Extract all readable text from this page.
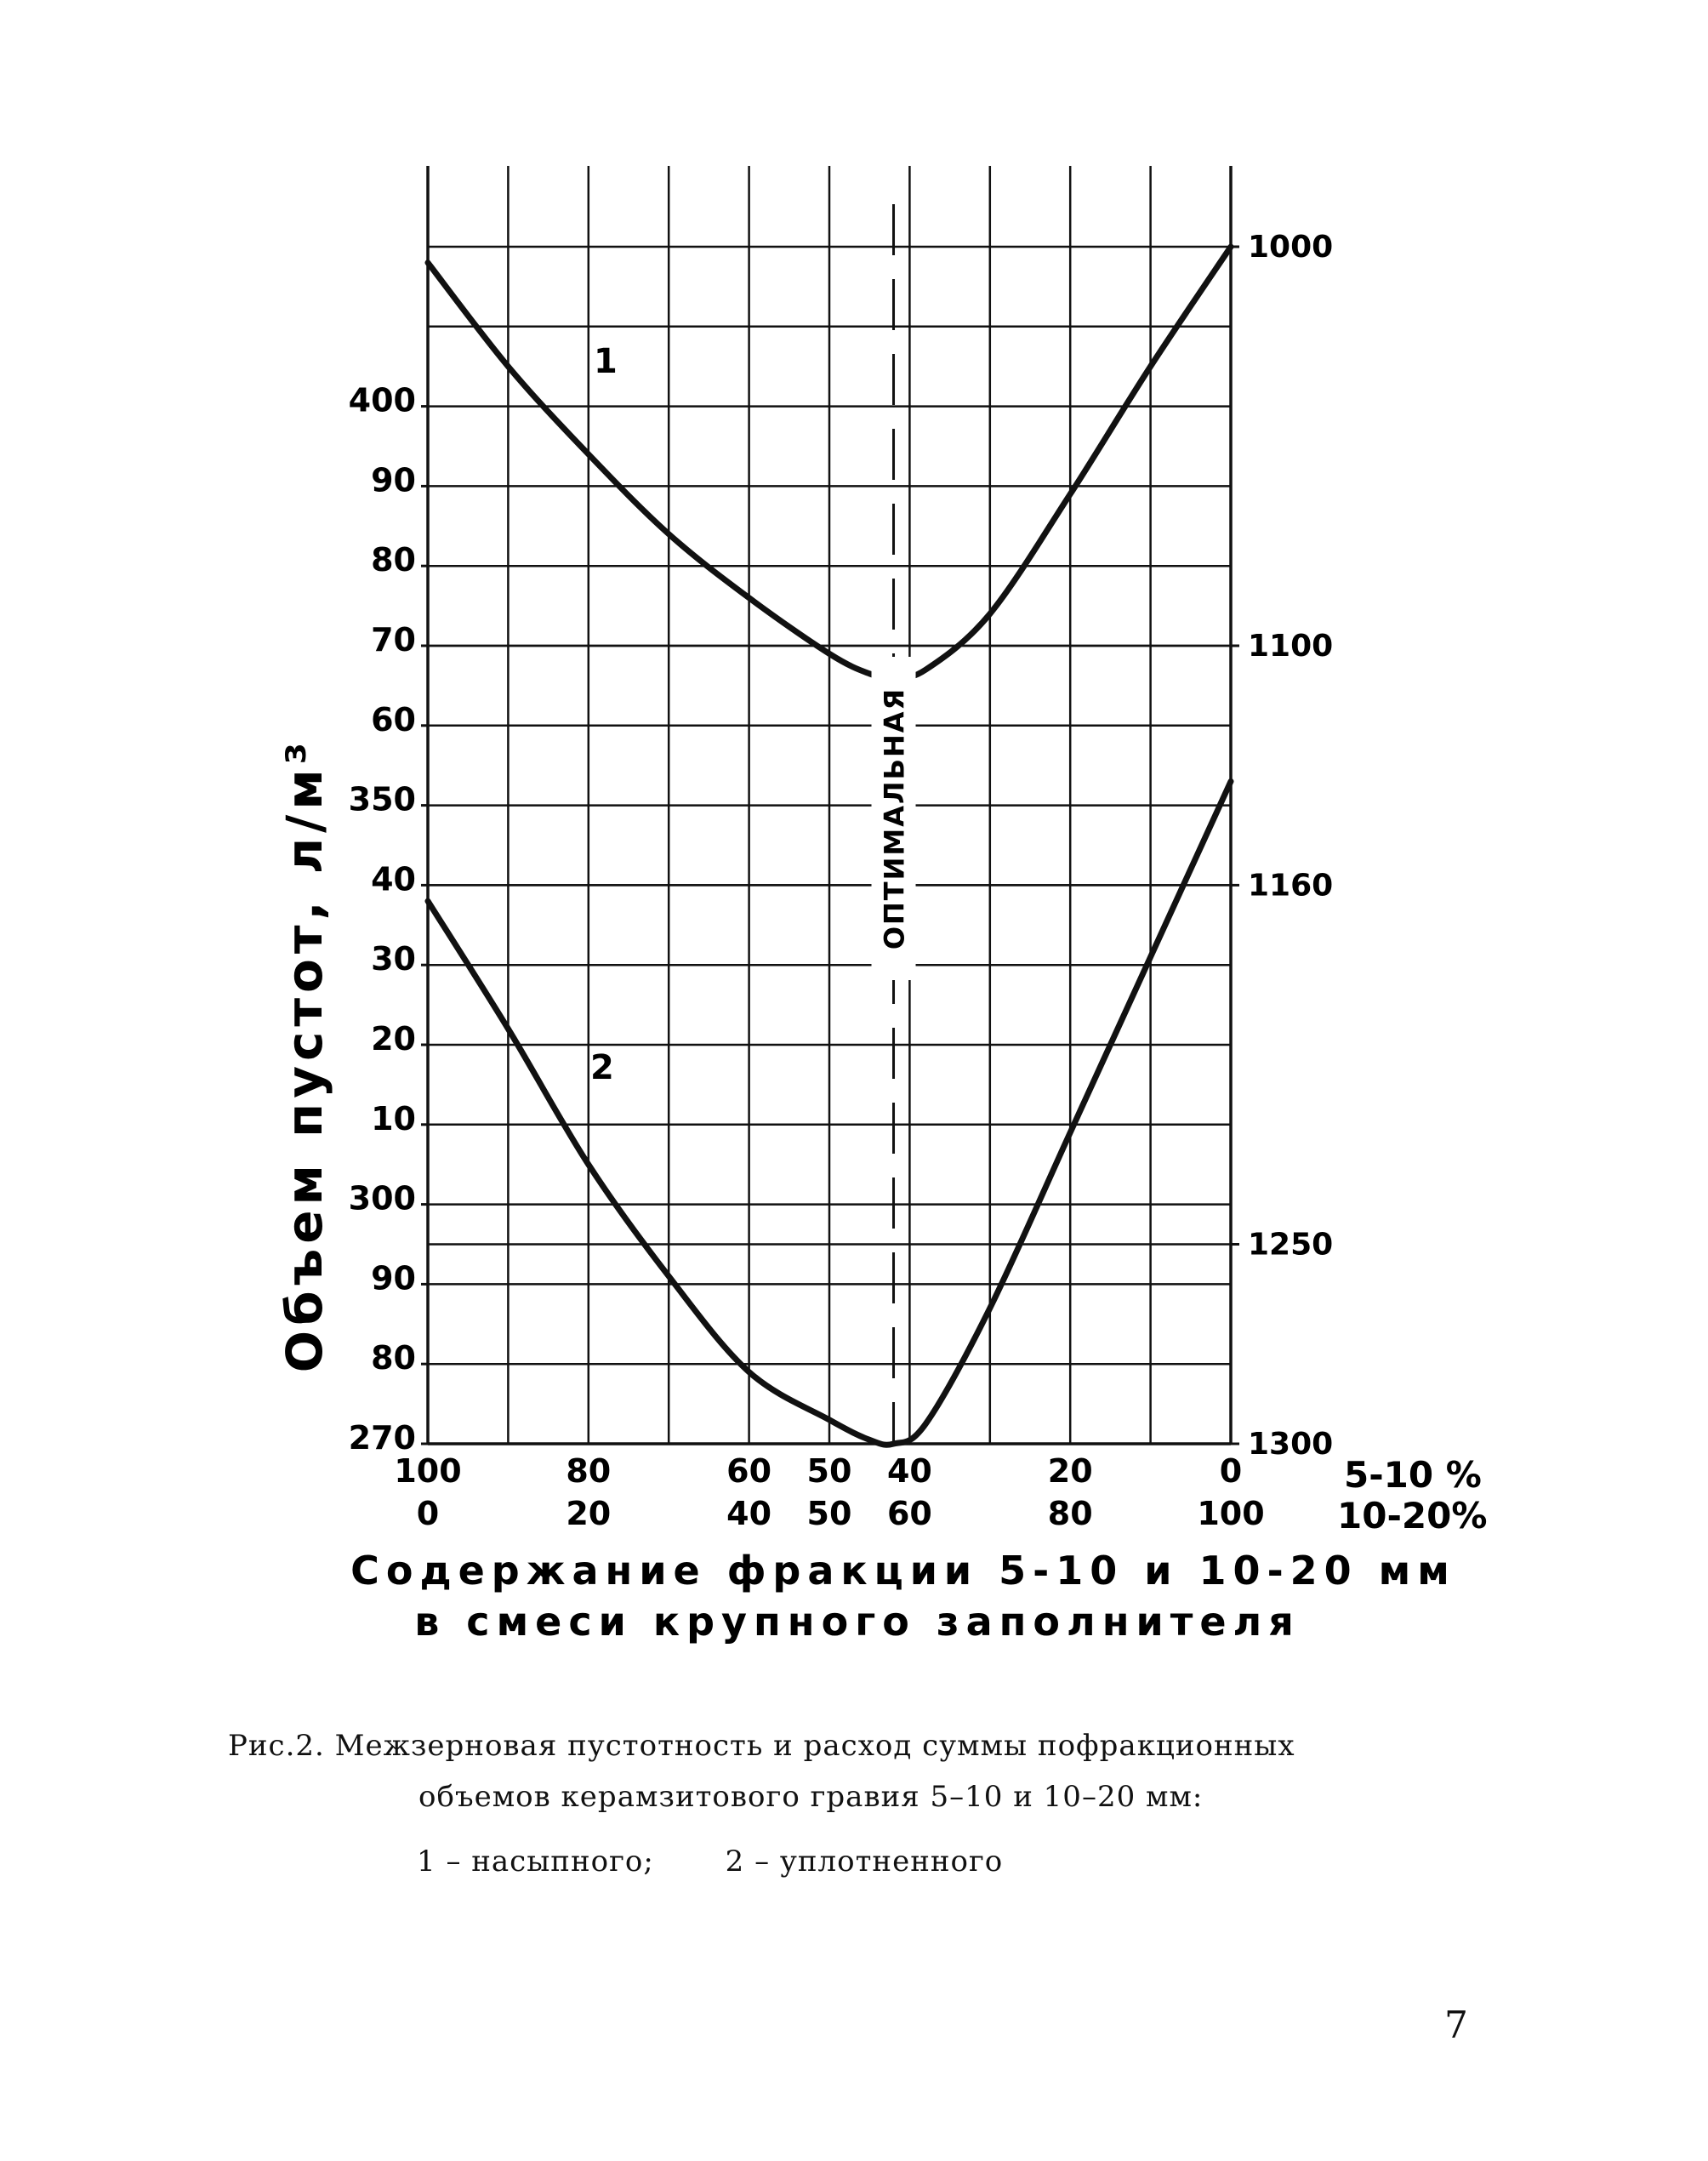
270
80
90
300
10
20
30
40
350
60
70
80
90
400
1000
1100
1160
1250
1300
100
0
80
20
60
40
50
50
40
60
20
80
0
100
ОПТИМАЛЬНАЯ
Объем пустот, л/м³
1
2
5-10 %
10-20%
Содержание фракции 5-10 и 10-20 мм
в смеси крупного заполнителя
Рис.2. Межзерновая пустотность и расход суммы пофракционных
объемов керамзитового гравия 5–10 и 10–20 мм:
1 – насыпного; 2 – уплотненного
7
